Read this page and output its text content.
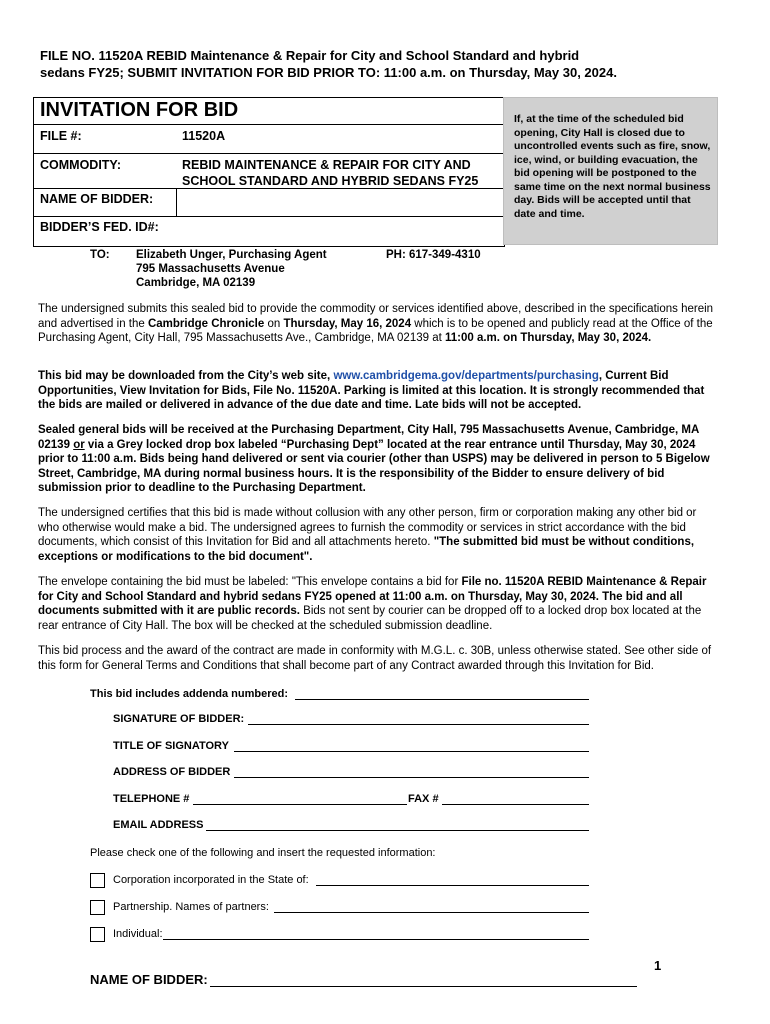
FILE NO. 11520A REBID Maintenance & Repair for City and School Standard and hybrid
sedans FY25; SUBMIT INVITATION FOR BID PRIOR TO: 11:00 a.m. on Thursday, May 30, 2024.
INVITATION FOR BID
FILE #:	11520A
COMMODITY:	REBID MAINTENANCE & REPAIR FOR CITY AND
SCHOOL STANDARD AND HYBRID SEDANS FY25
NAME OF BIDDER:
BIDDER’S FED. ID#:
If, at the time of the scheduled bid opening, City Hall is closed due to uncontrolled events such as fire, snow, ice, wind, or building evacuation, the bid opening will be postponed to the same time on the next normal business day. Bids will be accepted until that date and time.
TO: Elizabeth Unger, Purchasing Agent
795 Massachusetts Avenue
Cambridge, MA 02139
PH: 617-349-4310

The undersigned submits this sealed bid to provide the commodity or services identified above, described in the specifications herein and advertised in the Cambridge Chronicle on Thursday, May 16, 2024 which is to be opened and publicly read at the Office of the Purchasing Agent, City Hall, 795 Massachusetts Ave., Cambridge, MA 02139 at 11:00 a.m. on Thursday, May 30, 2024.

This bid may be downloaded from the City’s web site, www.cambridgema.gov/departments/purchasing, Current Bid Opportunities, View Invitation for Bids, File No. 11520A. Parking is limited at this location. It is strongly recommended that the bids are mailed or delivered in advance of the due date and time. Late bids will not be accepted.

Sealed general bids will be received at the Purchasing Department, City Hall, 795 Massachusetts Avenue, Cambridge, MA 02139 or via a Grey locked drop box labeled “Purchasing Dept” located at the rear entrance until Thursday, May 30, 2024 prior to 11:00 a.m. Bids being hand delivered or sent via courier (other than USPS) may be delivered in person to 5 Bigelow Street, Cambridge, MA during normal business hours. It is the responsibility of the Bidder to ensure delivery of bid submission prior to deadline to the Purchasing Department.

The undersigned certifies that this bid is made without collusion with any other person, firm or corporation making any other bid or who otherwise would make a bid. The undersigned agrees to furnish the commodity or services in strict accordance with the bid documents, which consist of this Invitation for Bid and all attachments hereto. "The submitted bid must be without conditions, exceptions or modifications to the bid document".

The envelope containing the bid must be labeled: "This envelope contains a bid for File no. 11520A REBID Maintenance & Repair for City and School Standard and hybrid sedans FY25 opened at 11:00 a.m. on Thursday, May 30, 2024. The bid and all documents submitted with it are public records. Bids not sent by courier can be dropped off to a locked drop box located at the rear entrance of City Hall. The box will be checked at the scheduled submission deadline.

This bid process and the award of the contract are made in conformity with M.G.L. c. 30B, unless otherwise stated. See other side of this form for General Terms and Conditions that shall become part of any Contract awarded through this Invitation for Bid.

This bid includes addenda numbered:
SIGNATURE OF BIDDER:
TITLE OF SIGNATORY
ADDRESS OF BIDDER
TELEPHONE #	FAX #
EMAIL ADDRESS
Please check one of the following and insert the requested information:
Corporation incorporated in the State of:
Partnership. Names of partners:
Individual:
1
NAME OF BIDDER:
